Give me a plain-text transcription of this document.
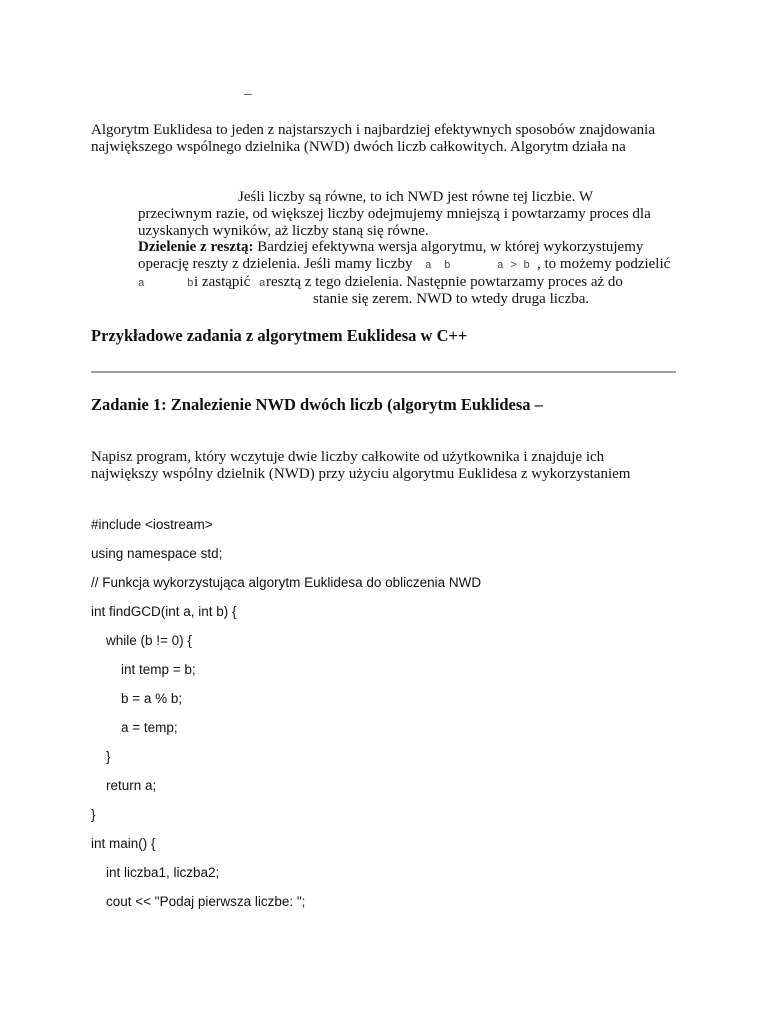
–
Algorytm Euklidesa to jeden z najstarszych i najbardziej efektywnych sposobów znajdowania
największego wspólnego dzielnika (NWD) dwóch liczb całkowitych. Algorytm działa na
Jeśli liczby są równe, to ich NWD jest równe tej liczbie. W
przeciwnym razie, od większej liczby odejmujemy mniejszą i powtarzamy proces dla
uzyskanych wyników, aż liczby staną się równe.
Dzielenie z resztą: Bardziej efektywna wersja algorytmu, w której wykorzystujemy
operację reszty z dzielenia. Jeśli mamy liczby a b	a > b , to możemy podzielić
a	b i zastąpić a resztą z tego dzielenia. Następnie powtarzamy proces aż do
stanie się zerem. NWD to wtedy druga liczba.
Przykładowe zadania z algorytmem Euklidesa w C++
Zadanie 1: Znalezienie NWD dwóch liczb (algorytm Euklidesa –
Napisz program, który wczytuje dwie liczby całkowite od użytkownika i znajduje ich
największy wspólny dzielnik (NWD) przy użyciu algorytmu Euklidesa z wykorzystaniem
#include <iostream>
using namespace std;
// Funkcja wykorzystująca algorytm Euklidesa do obliczenia NWD
int findGCD(int a, int b) {
while (b != 0) {
int temp = b;
b = a % b;
a = temp;
}
return a;
}
int main() {
int liczba1, liczba2;
cout << "Podaj pierwsza liczbe: ";
